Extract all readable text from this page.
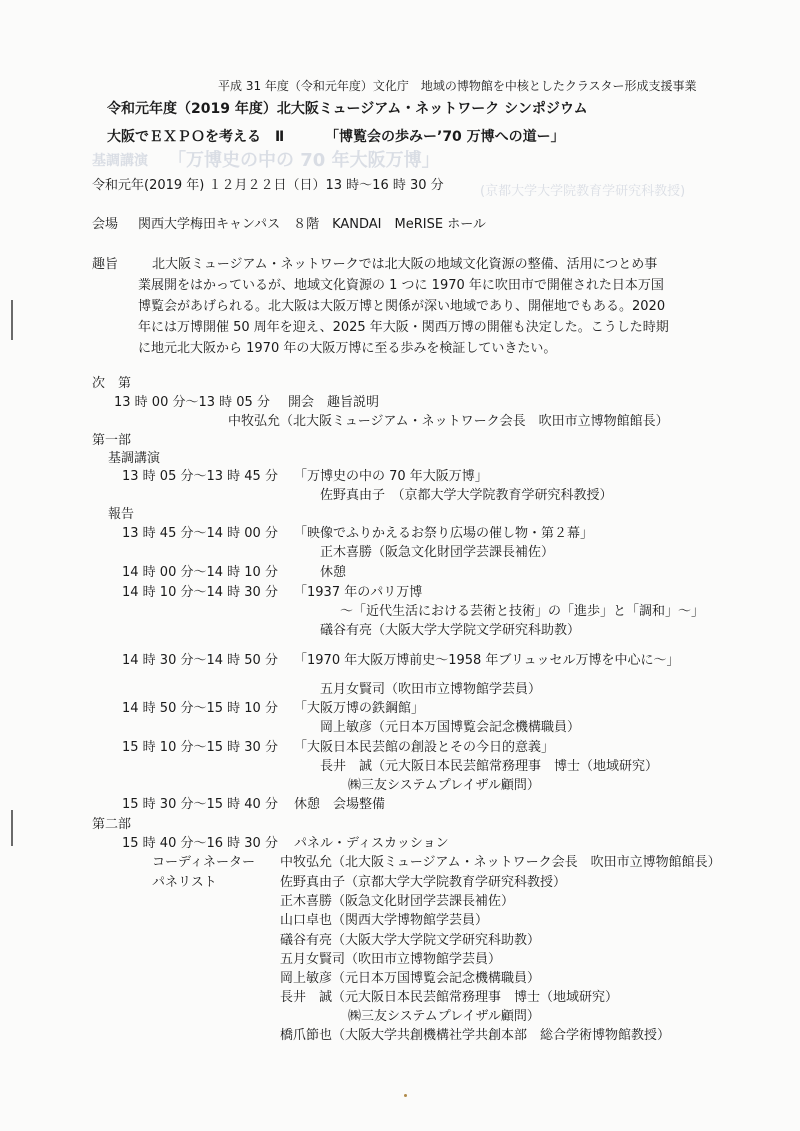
基調講演 「万博史の中の 70 年大阪万博」
(京都大学大学院教育学研究科教授)
平成 31 年度（令和元年度）文化庁　地域の博物館を中核としたクラスター形成支援事業
令和元年度（2019 年度）北大阪ミュージアム・ネットワーク シンポジウム
大阪でＥＸＰＯを考える　Ⅱ	「博覧会の歩みー’70 万博への道ー」
令和元年(2019 年) １２月２２日（日）13 時～16 時 30 分
会場 関西大学梅田キャンパス　８階　KANDAI　MeRISE ホール
趣旨	北大阪ミュージアム・ネットワークでは北大阪の地域文化資源の整備、活用につとめ事
業展開をはかっているが、地域文化資源の 1 つに 1970 年に吹田市で開催された日本万国
博覧会があげられる。北大阪は大阪万博と関係が深い地域であり、開催地でもある。2020
年には万博開催 50 周年を迎え、2025 年大阪・関西万博の開催も決定した。こうした時期
に地元北大阪から 1970 年の大阪万博に至る歩みを検証していきたい。
次　第
13 時 00 分～13 時 05 分 開会　趣旨説明
中牧弘允（北大阪ミュージアム・ネットワーク会長　吹田市立博物館館長）
第一部
基調講演
13 時 05 分～13 時 45 分 「万博史の中の 70 年大阪万博」
佐野真由子　（京都大学大学院教育学研究科教授）
報告
13 時 45 分～14 時 00 分 「映像でふりかえるお祭り広場の催し物・第２幕」
正木喜勝（阪急文化財団学芸課長補佐）
14 時 00 分～14 時 10 分	休憩
14 時 10 分～14 時 30 分 「1937 年のパリ万博
～「近代生活における芸術と技術」の「進歩」と「調和」～」
礒谷有亮（大阪大学大学院文学研究科助教）
14 時 30 分～14 時 50 分 「1970 年大阪万博前史～1958 年ブリュッセル万博を中心に～」
五月女賢司（吹田市立博物館学芸員）
14 時 50 分～15 時 10 分 「大阪万博の鉄鋼館」
岡上敏彦（元日本万国博覧会記念機構職員）
15 時 10 分～15 時 30 分 「大阪日本民芸館の創設とその今日的意義」
長井　誠（元大阪日本民芸館常務理事　博士（地域研究）
㈱三友システムプレイザル顧問）
15 時 30 分～15 時 40 分 休憩　会場整備
第二部
15 時 40 分～16 時 30 分 パネル・ディスカッション
コーディネーター 中牧弘允（北大阪ミュージアム・ネットワーク会長　吹田市立博物館館長）
パネリスト	佐野真由子（京都大学大学院教育学研究科教授）
正木喜勝（阪急文化財団学芸課長補佐）
山口卓也（関西大学博物館学芸員）
礒谷有亮（大阪大学大学院文学研究科助教）
五月女賢司（吹田市立博物館学芸員）
岡上敏彦（元日本万国博覧会記念機構職員）
長井　誠（元大阪日本民芸館常務理事　博士（地域研究）
㈱三友システムプレイザル顧問）
橋爪節也（大阪大学共創機構社学共創本部　総合学術博物館教授）
